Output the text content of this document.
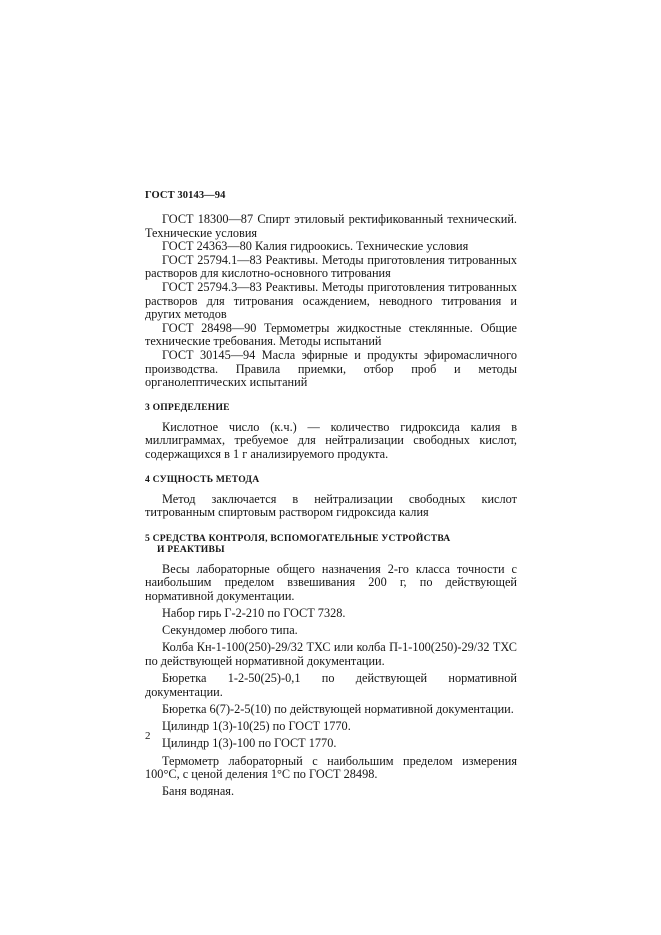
ГОСТ 30143—94

ГОСТ 18300—87 Спирт этиловый ректификованный технический. Технические условия

ГОСТ 24363—80 Калия гидроокись. Технические условия

ГОСТ 25794.1—83 Реактивы. Методы приготовления титрованных растворов для кислотно-основного титрования

ГОСТ 25794.3—83 Реактивы. Методы приготовления титрованных растворов для титрования осаждением, неводного титрования и других методов

ГОСТ 28498—90 Термометры жидкостные стеклянные. Общие технические требования. Методы испытаний

ГОСТ 30145—94 Масла эфирные и продукты эфиромасличного производства. Правила приемки, отбор проб и методы органолептических испытаний

3 ОПРЕДЕЛЕНИЕ

Кислотное число (к.ч.) — количество гидроксида калия в миллиграммах, требуемое для нейтрализации свободных кислот, содержащихся в 1 г анализируемого продукта.

4 СУЩНОСТЬ МЕТОДА

Метод заключается в нейтрализации свободных кислот титрованным спиртовым раствором гидроксида калия

5 СРЕДСТВА КОНТРОЛЯ, ВСПОМОГАТЕЛЬНЫЕ УСТРОЙСТВА
И РЕАКТИВЫ

Весы лабораторные общего назначения 2-го класса точности с наибольшим пределом взвешивания 200 г, по действующей нормативной документации.

Набор гирь Г-2-210 по ГОСТ 7328.

Секундомер любого типа.

Колба Кн-1-100(250)-29/32 ТХС или колба П-1-100(250)-29/32 ТХС по действующей нормативной документации.

Бюретка 1-2-50(25)-0,1 по действующей нормативной документации.

Бюретка 6(7)-2-5(10) по действующей нормативной документации.

Цилиндр 1(3)-10(25) по ГОСТ 1770.

Цилиндр 1(3)-100 по ГОСТ 1770.

Термометр лабораторный с наибольшим пределом измерения 100°С, с ценой деления 1°С по ГОСТ 28498.

Баня водяная.

2
